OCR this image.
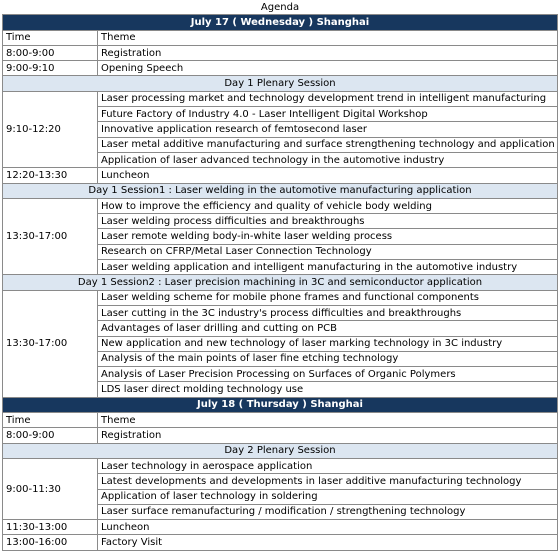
Agenda	
July 17 ( Wednesday ) Shanghai	
Time	Theme
8:00-9:00	Registration
9:00-9:10	Opening Speech
Day 1 Plenary Session	
9:10-12:20	Laser processing market and technology development trend in intelligent manufacturing
	Future Factory of Industry 4.0 - Laser Intelligent Digital Workshop
	Innovative application research of femtosecond laser
	Laser metal additive manufacturing and surface strengthening technology and application
	Application of laser advanced technology in the automotive industry
12:20-13:30	Luncheon
Day 1 Session1 : Laser welding in the automotive manufacturing application	
13:30-17:00	How to improve the efficiency and quality of vehicle body welding
	Laser welding process difficulties and breakthroughs
	Laser remote welding body-in-white laser welding process
	Research on CFRP/Metal Laser Connection Technology
	Laser welding application and intelligent manufacturing in the automotive industry
Day 1 Session2 : Laser precision machining in 3C and semiconductor application	
13:30-17:00	Laser welding scheme for mobile phone frames and functional components
	Laser cutting in the 3C industry's process difficulties and breakthroughs
	Advantages of laser drilling and cutting on PCB
	New application and new technology of laser marking technology in 3C industry
	Analysis of the main points of laser fine etching technology
	Analysis of Laser Precision Processing on Surfaces of Organic Polymers
	LDS laser direct molding technology use
July 18 ( Thursday ) Shanghai	
Time	Theme
8:00-9:00	Registration
Day 2 Plenary Session	
9:00-11:30	Laser technology in aerospace application
	Latest developments and developments in laser additive manufacturing technology
	Application of laser technology in soldering
	Laser surface remanufacturing / modification / strengthening technology
11:30-13:00	Luncheon
13:00-16:00	Factory Visit
